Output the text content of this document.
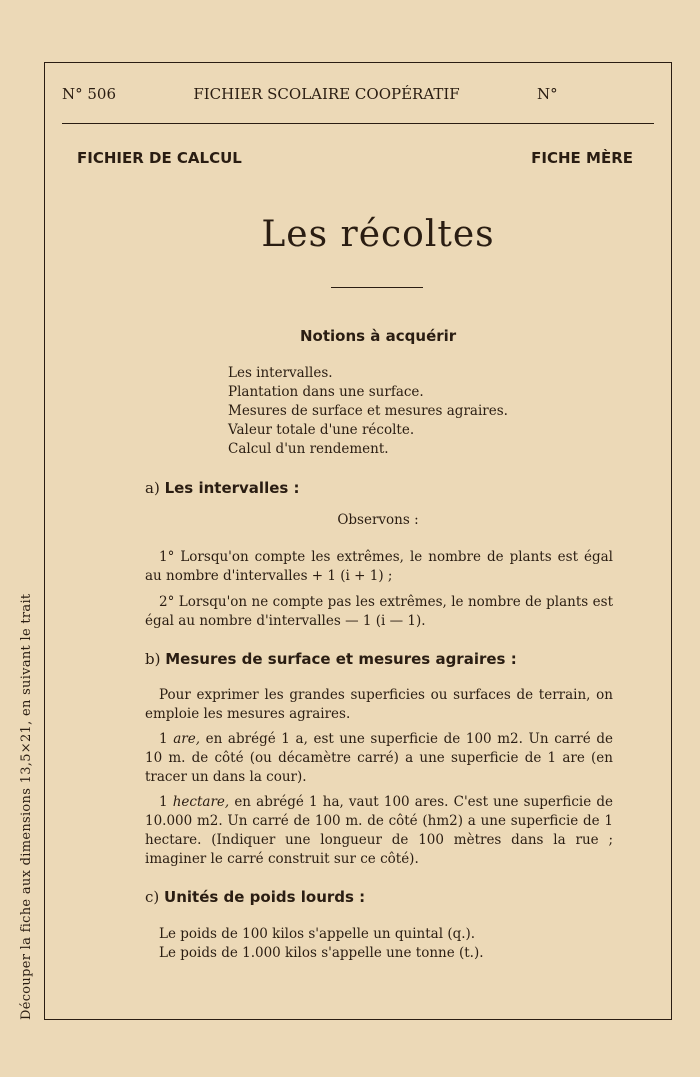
Découper la fiche aux dimensions 13,5×21, en suivant le trait
N° 506	FICHIER SCOLAIRE COOPÉRATIF	N°
FICHIER DE CALCUL	FICHE MÈRE
Les récoltes
Notions à acquérir
Les intervalles.
Plantation dans une surface.
Mesures de surface et mesures agraires.
Valeur totale d'une récolte.
Calcul d'un rendement.
a) Les intervalles :
Observons :
1° Lorsqu'on compte les extrêmes, le nombre de plants est égal au nombre d'intervalles + 1 (i + 1) ;
2° Lorsqu'on ne compte pas les extrêmes, le nombre de plants est égal au nombre d'intervalles — 1 (i — 1).
b) Mesures de surface et mesures agraires :
Pour exprimer les grandes superficies ou surfaces de terrain, on emploie les mesures agraires.
1 are, en abrégé 1 a, est une superficie de 100 m2. Un carré de 10 m. de côté (ou décamètre carré) a une superficie de 1 are (en tracer un dans la cour).
1 hectare, en abrégé 1 ha, vaut 100 ares. C'est une superficie de 10.000 m2. Un carré de 100 m. de côté (hm2) a une superficie de 1 hectare. (Indiquer une longueur de 100 mètres dans la rue ; imaginer le carré construit sur ce côté).
c) Unités de poids lourds :
Le poids de 100 kilos s'appelle un quintal (q.).
Le poids de 1.000 kilos s'appelle une tonne (t.).
